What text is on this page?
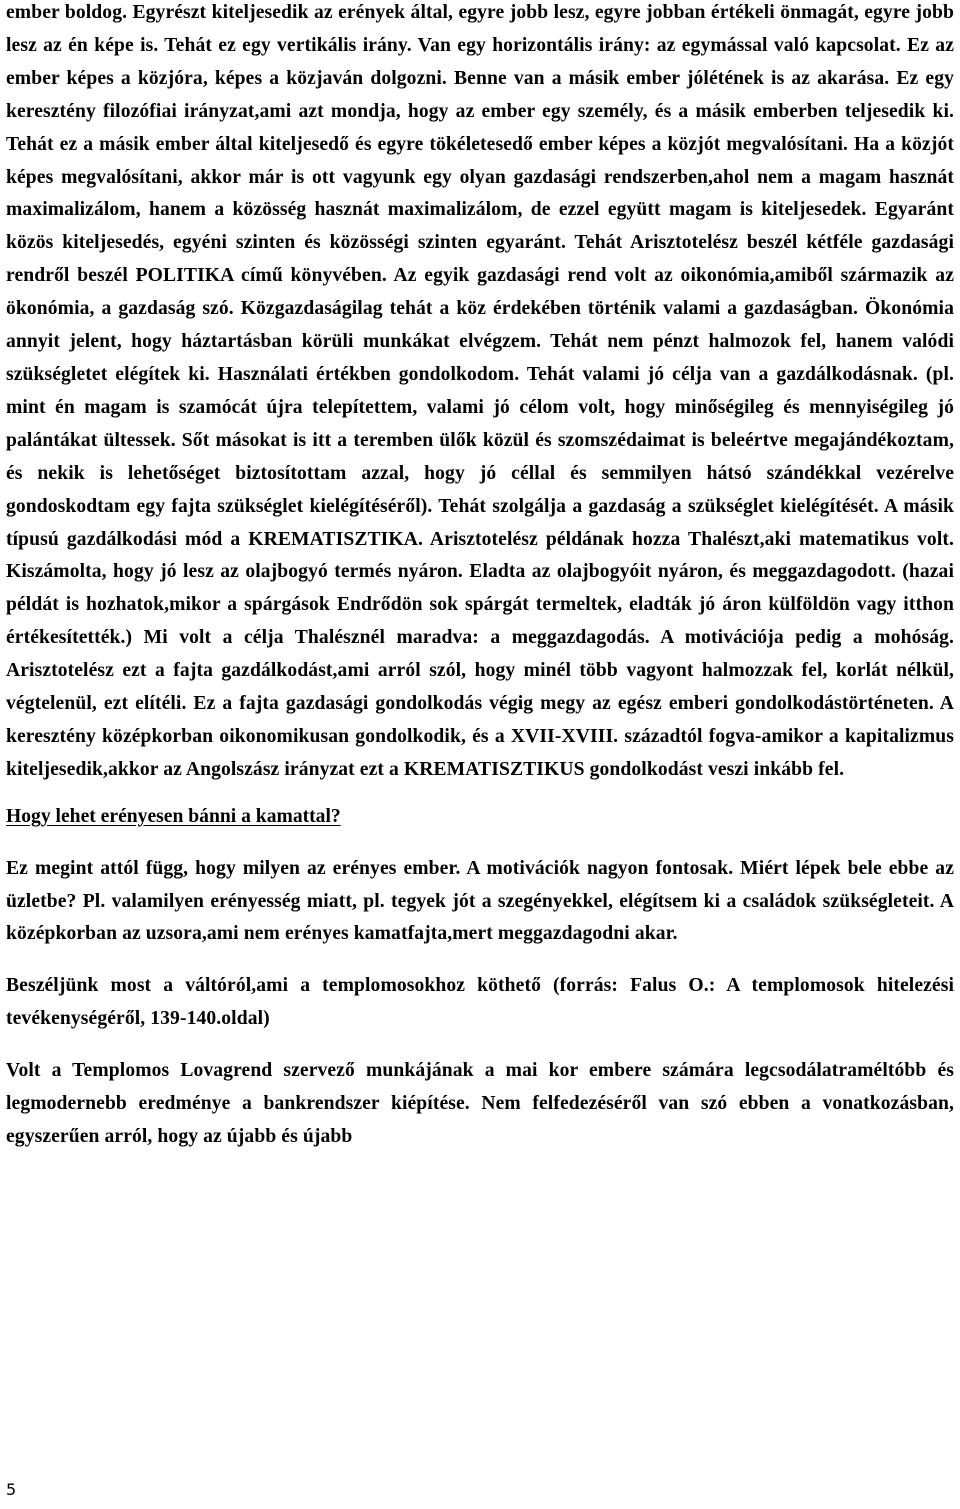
ember boldog. Egyrészt kiteljesedik az erények által, egyre jobb lesz, egyre jobban értékeli önmagát, egyre jobb lesz az én képe is. Tehát ez egy vertikális irány. Van egy horizontális irány: az egymással való kapcsolat. Ez az ember képes a közjóra, képes a közjaván dolgozni. Benne van a másik ember jólétének is az akarása. Ez egy keresztény filozófiai irányzat,ami azt mondja, hogy az ember egy személy, és a másik emberben teljesedik ki. Tehát ez a másik ember által kiteljesedő és egyre tökéletesedő ember képes a közjót megvalósítani. Ha a közjót képes megvalósítani, akkor már is ott vagyunk egy olyan gazdasági rendszerben,ahol nem a magam hasznát maximalizálom, hanem a közösség hasznát maximalizálom, de ezzel együtt magam is kiteljesedek. Egyaránt közös kiteljesedés, egyéni szinten és közösségi szinten egyaránt. Tehát Arisztotelész beszél kétféle gazdasági rendről beszél POLITIKA című könyvében. Az egyik gazdasági rend volt az oikonómia,amiből származik az ökonómia, a gazdaság szó. Közgazdaságilag tehát a köz érdekében történik valami a gazdaságban. Ökonómia annyit jelent, hogy háztartásban körüli munkákat elvégzem. Tehát nem pénzt halmozok fel, hanem valódi szükségletet elégítek ki. Használati értékben gondolkodom. Tehát valami jó célja van a gazdálkodásnak. (pl. mint én magam is szamócát újra telepítettem, valami jó célom volt, hogy minőségileg és mennyiségileg jó palántákat ültessek. Sőt másokat is itt a teremben ülők közül és szomszédaimat is beleértve megajándékoztam, és nekik is lehetőséget biztosítottam azzal, hogy jó céllal és semmilyen hátsó szándékkal vezérelve gondoskodtam egy fajta szükséglet kielégítéséről). Tehát szolgálja a gazdaság a szükséglet kielégítését. A másik típusú gazdálkodási mód a KREMATISZTIKA. Arisztotelész példának hozza Thalészt,aki matematikus volt. Kiszámolta, hogy jó lesz az olajbogyó termés nyáron. Eladta az olajbogyóit nyáron, és meggazdagodott. (hazai példát is hozhatok,mikor a spárgások Endrődön sok spárgát termeltek, eladták jó áron külföldön vagy itthon értékesítették.) Mi volt a célja Thalésznél maradva: a meggazdagodás. A motivációja pedig a mohóság. Arisztotelész ezt a fajta gazdálkodást,ami arról szól, hogy minél több vagyont halmozzak fel, korlát nélkül, végtelenül, ezt elítéli. Ez a fajta gazdasági gondolkodás végig megy az egész emberi gondolkodástörténeten. A keresztény középkorban oikonomikusan gondolkodik, és a XVII-XVIII. századtól fogva-amikor a kapitalizmus kiteljesedik,akkor az Angolszász irányzat ezt a KREMATISZTIKUS gondolkodást veszi inkább fel.

Hogy lehet erényesen bánni a kamattal?

Ez megint attól függ, hogy milyen az erényes ember. A motivációk nagyon fontosak. Miért lépek bele ebbe az üzletbe? Pl. valamilyen erényesség miatt, pl. tegyek jót a szegényekkel, elégítsem ki a családok szükségleteit. A középkorban az uzsora,ami nem erényes kamatfajta,mert meggazdagodni akar.

Beszéljünk most a váltóról,ami a templomosokhoz köthető (forrás: Falus O.: A templomosok hitelezési tevékenységéről, 139-140.oldal)

Volt a Templomos Lovagrend szervező munkájának a mai kor embere számára legcsodálatraméltóbb és legmodernebb eredménye a bankrendszer kiépítése. Nem felfedezéséről van szó ebben a vonatkozásban, egyszerűen arról, hogy az újabb és újabb

5
